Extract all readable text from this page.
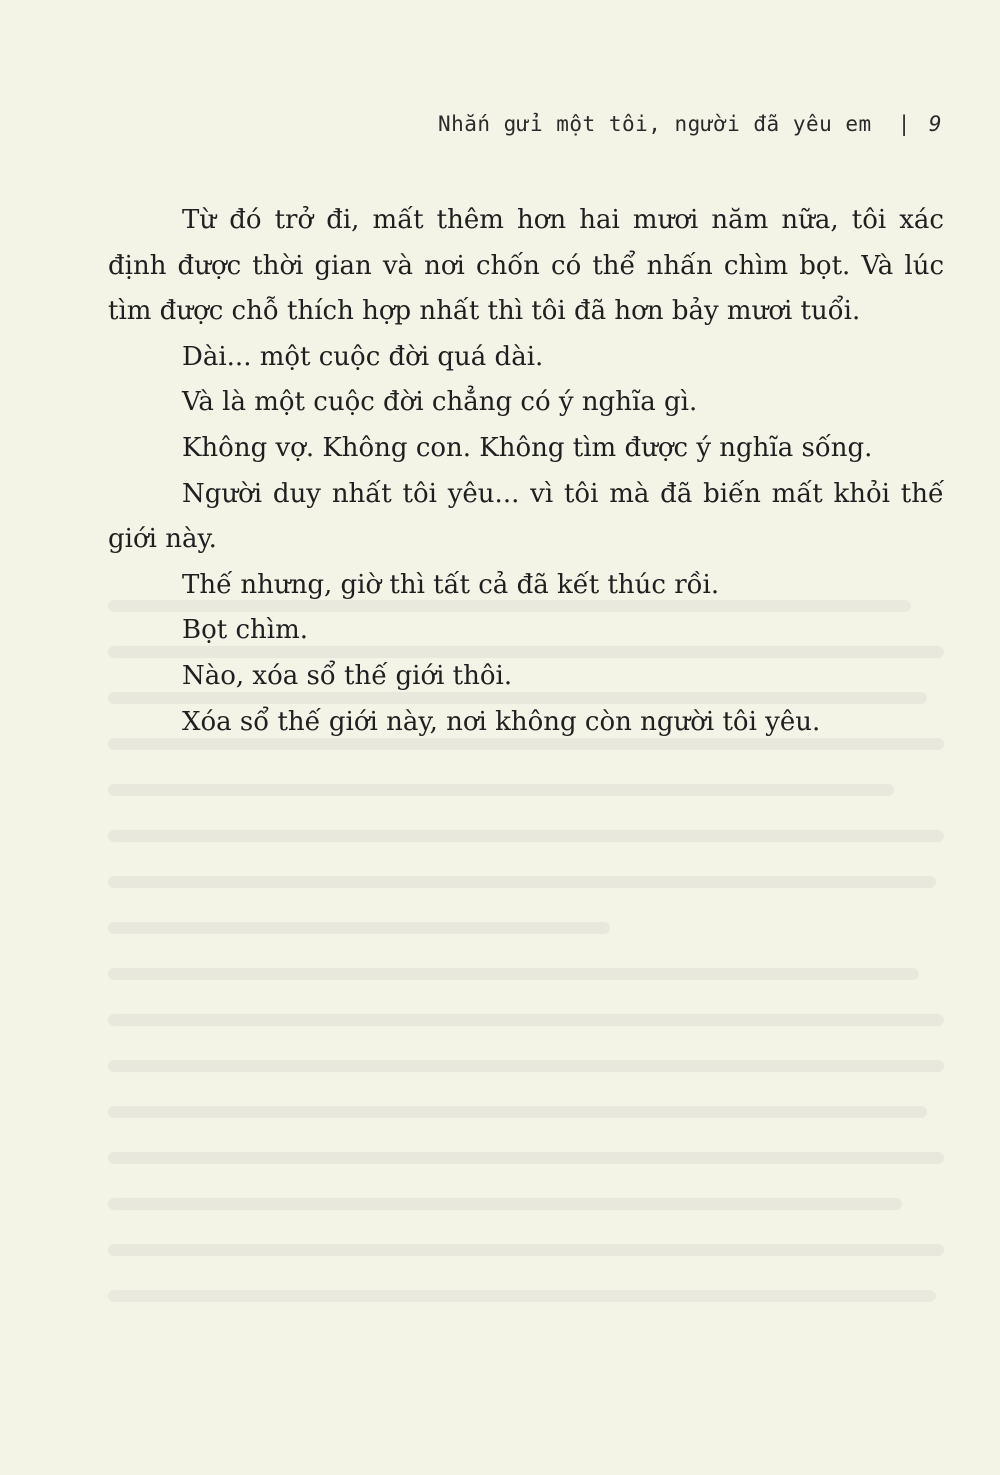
Nhắn gửi một tôi, người đã yêu em | 9

Từ đó trở đi, mất thêm hơn hai mươi năm nữa, tôi xác định được thời gian và nơi chốn có thể nhấn chìm bọt. Và lúc tìm được chỗ thích hợp nhất thì tôi đã hơn bảy mươi tuổi.

Dài... một cuộc đời quá dài.

Và là một cuộc đời chẳng có ý nghĩa gì.

Không vợ. Không con. Không tìm được ý nghĩa sống.

Người duy nhất tôi yêu... vì tôi mà đã biến mất khỏi thế giới này.

Thế nhưng, giờ thì tất cả đã kết thúc rồi.

Bọt chìm.

Nào, xóa sổ thế giới thôi.

Xóa sổ thế giới này, nơi không còn người tôi yêu.
